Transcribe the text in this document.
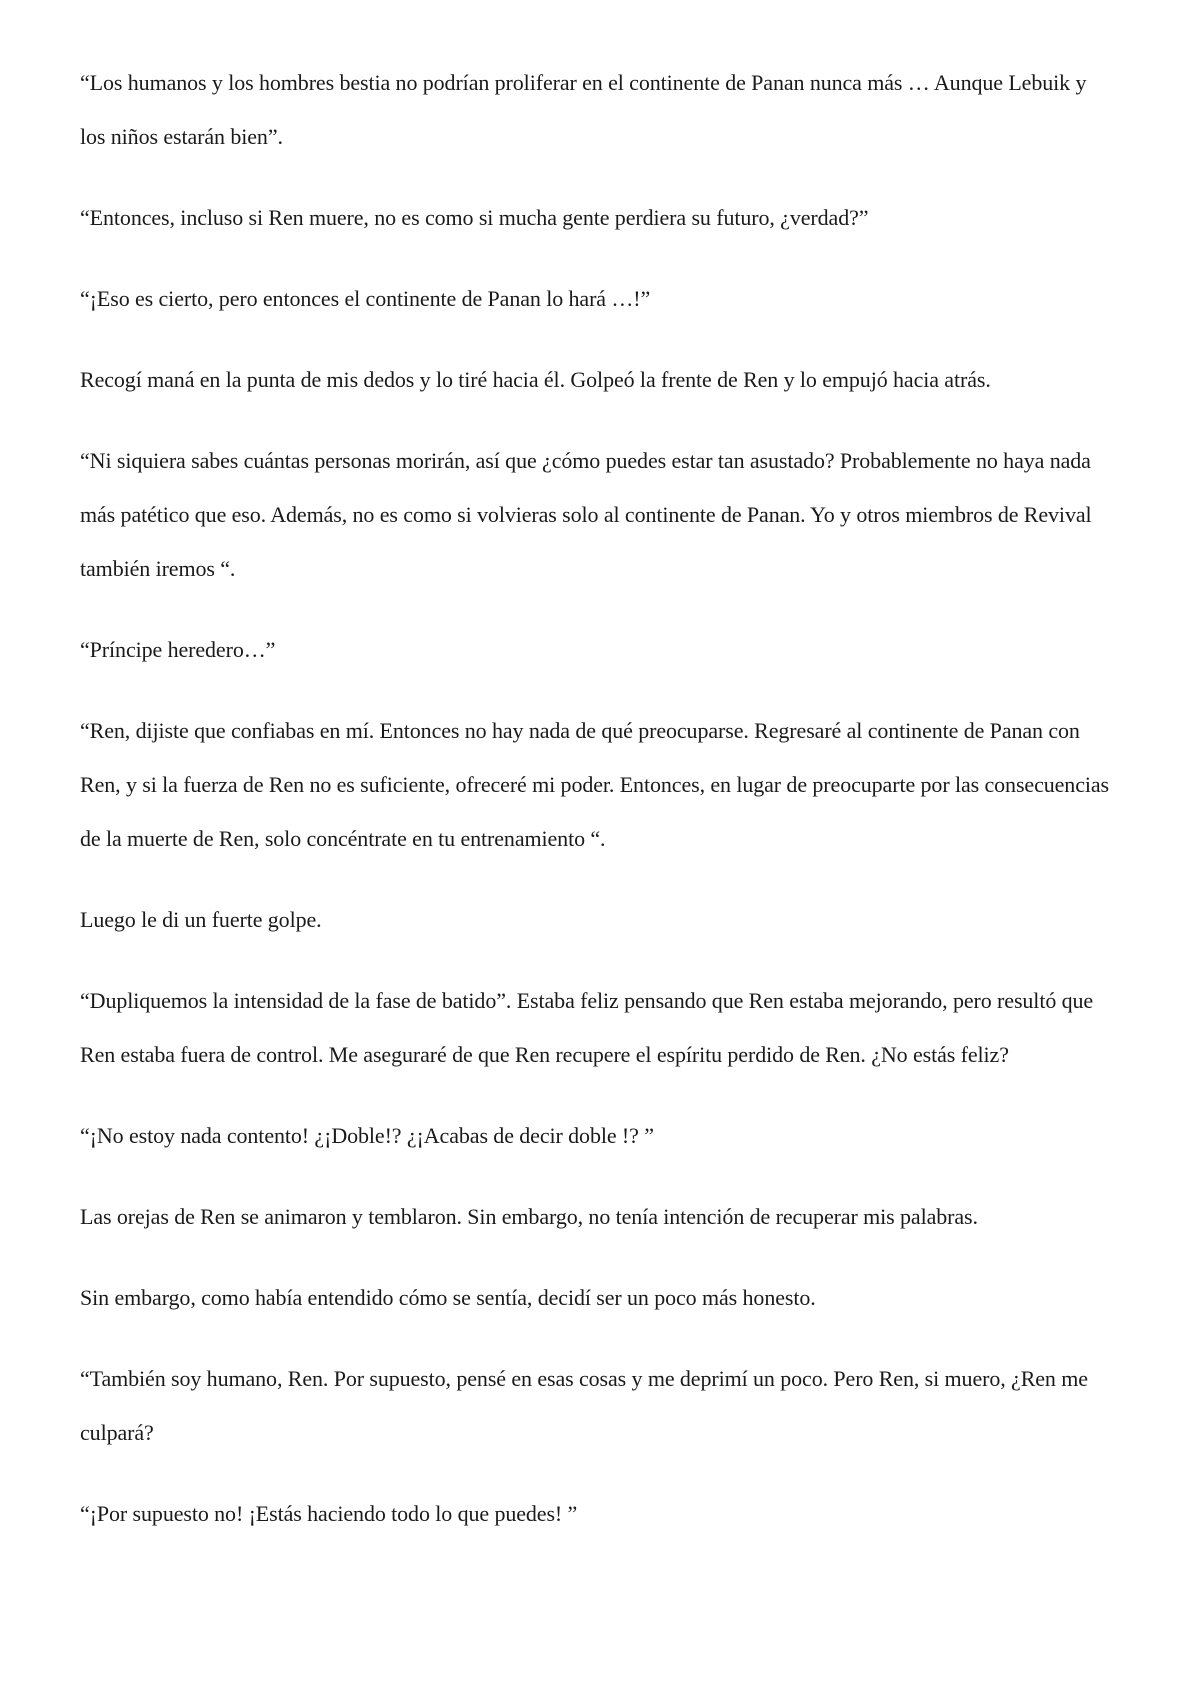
“Los humanos y los hombres bestia no podrían proliferar en el continente de Panan nunca más … Aunque Lebuik y los niños estarán bien”.

“Entonces, incluso si Ren muere, no es como si mucha gente perdiera su futuro, ¿verdad?”

“¡Eso es cierto, pero entonces el continente de Panan lo hará …!”

Recogí maná en la punta de mis dedos y lo tiré hacia él. Golpeó la frente de Ren y lo empujó hacia atrás.

“Ni siquiera sabes cuántas personas morirán, así que ¿cómo puedes estar tan asustado? Probablemente no haya nada más patético que eso. Además, no es como si volvieras solo al continente de Panan. Yo y otros miembros de Revival también iremos “.

“Príncipe heredero…”

“Ren, dijiste que confiabas en mí. Entonces no hay nada de qué preocuparse. Regresaré al continente de Panan con Ren, y si la fuerza de Ren no es suficiente, ofreceré mi poder. Entonces, en lugar de preocuparte por las consecuencias de la muerte de Ren, solo concéntrate en tu entrenamiento “.

Luego le di un fuerte golpe.

“Dupliquemos la intensidad de la fase de batido”. Estaba feliz pensando que Ren estaba mejorando, pero resultó que Ren estaba fuera de control. Me aseguraré de que Ren recupere el espíritu perdido de Ren. ¿No estás feliz?

“¡No estoy nada contento! ¿¡Doble!? ¿¡Acabas de decir doble !? ”

Las orejas de Ren se animaron y temblaron. Sin embargo, no tenía intención de recuperar mis palabras.

Sin embargo, como había entendido cómo se sentía, decidí ser un poco más honesto.

“También soy humano, Ren. Por supuesto, pensé en esas cosas y me deprimí un poco. Pero Ren, si muero, ¿Ren me culpará?

“¡Por supuesto no! ¡Estás haciendo todo lo que puedes! ”
